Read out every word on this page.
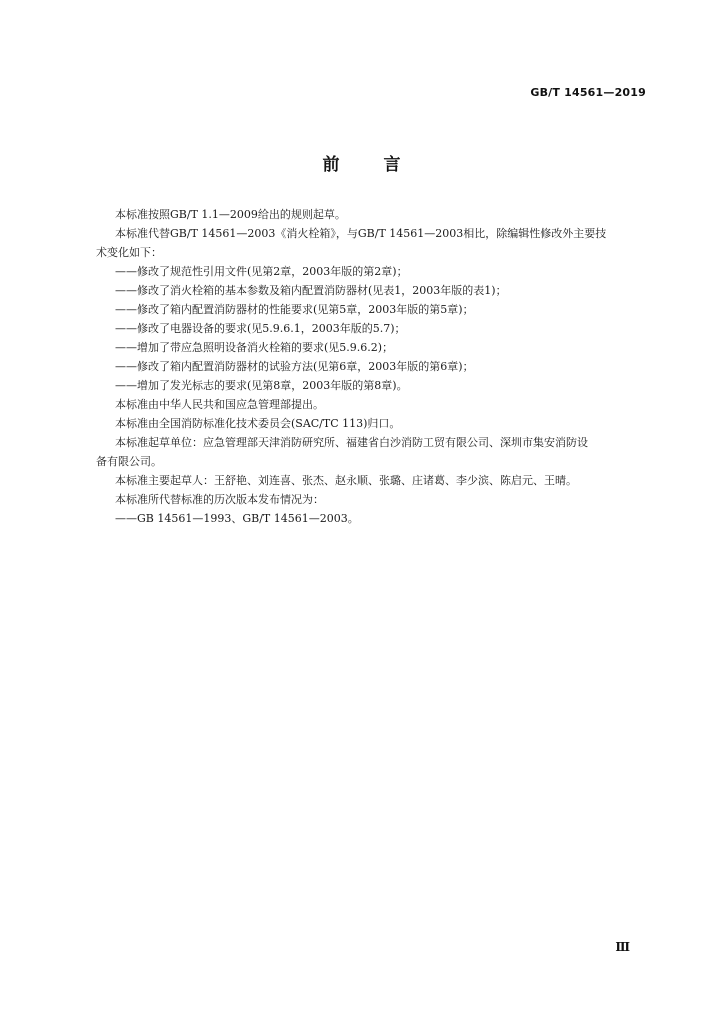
GB/T 14561—2019
前 言

本标准按照GB/T 1.1—2009给出的规则起草。

本标准代替GB/T 14561—2003《消火栓箱》，与GB/T 14561—2003相比，除编辑性修改外主要技

术变化如下：

——修改了规范性引用文件(见第2章，2003年版的第2章)；

——修改了消火栓箱的基本参数及箱内配置消防器材(见表1，2003年版的表1)；

——修改了箱内配置消防器材的性能要求(见第5章，2003年版的第5章)；

——修改了电器设备的要求(见5.9.6.1，2003年版的5.7)；

——增加了带应急照明设备消火栓箱的要求(见5.9.6.2)；

——修改了箱内配置消防器材的试验方法(见第6章，2003年版的第6章)；

——增加了发光标志的要求(见第8章，2003年版的第8章)。

本标准由中华人民共和国应急管理部提出。

本标准由全国消防标准化技术委员会(SAC/TC 113)归口。

本标准起草单位：应急管理部天津消防研究所、福建省白沙消防工贸有限公司、深圳市集安消防设

备有限公司。

本标准主要起草人：王舒艳、刘连喜、张杰、赵永顺、张璐、庄诸葛、李少滨、陈启元、王晴。

本标准所代替标准的历次版本发布情况为：

——GB 14561—1993、GB/T 14561—2003。

Ⅲ
